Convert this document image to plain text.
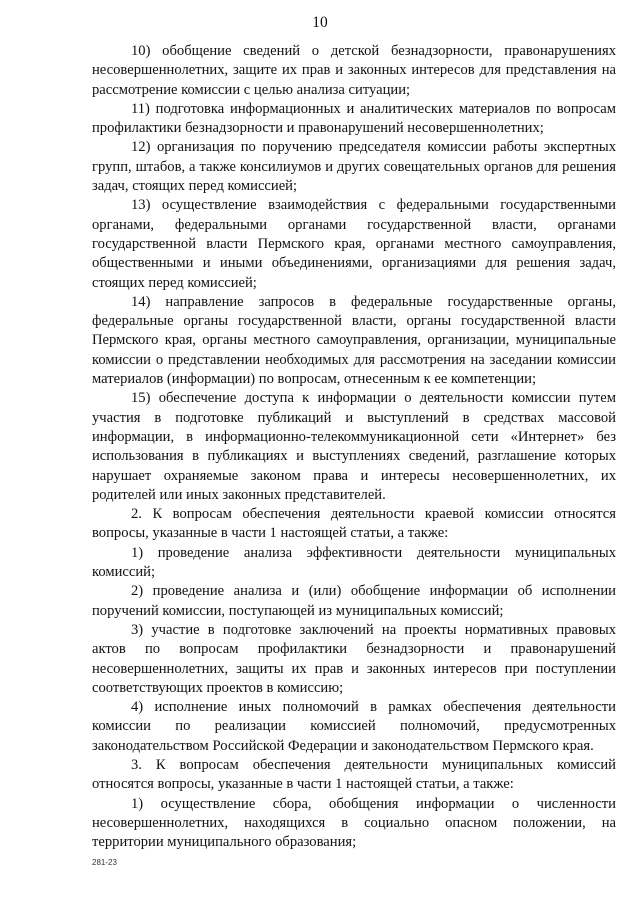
10

10) обобщение сведений о детской безнадзорности, правонарушениях несовершеннолетних, защите их прав и законных интересов для представления на рассмотрение комиссии с целью анализа ситуации;

11) подготовка информационных и аналитических материалов по вопросам профилактики безнадзорности и правонарушений несовершеннолетних;

12) организация по поручению председателя комиссии работы экспертных групп, штабов, а также консилиумов и других совещательных органов для решения задач, стоящих перед комиссией;

13) осуществление взаимодействия с федеральными государственными органами, федеральными органами государственной власти, органами государственной власти Пермского края, органами местного самоуправления, общественными и иными объединениями, организациями для решения задач, стоящих перед комиссией;

14) направление запросов в федеральные государственные органы, федеральные органы государственной власти, органы государственной власти Пермского края, органы местного самоуправления, организации, муниципальные комиссии о представлении необходимых для рассмотрения на заседании комиссии материалов (информации) по вопросам, отнесенным к ее компетенции;

15) обеспечение доступа к информации о деятельности комиссии путем участия в подготовке публикаций и выступлений в средствах массовой информации, в информационно-телекоммуникационной сети «Интернет» без использования в публикациях и выступлениях сведений, разглашение которых нарушает охраняемые законом права и интересы несовершеннолетних, их родителей или иных законных представителей.

2. К вопросам обеспечения деятельности краевой комиссии относятся вопросы, указанные в части 1 настоящей статьи, а также:

1) проведение анализа эффективности деятельности муниципальных комиссий;

2) проведение анализа и (или) обобщение информации об исполнении поручений комиссии, поступающей из муниципальных комиссий;

3) участие в подготовке заключений на проекты нормативных правовых актов по вопросам профилактики безнадзорности и правонарушений несовершеннолетних, защиты их прав и законных интересов при поступлении соответствующих проектов в комиссию;

4) исполнение иных полномочий в рамках обеспечения деятельности комиссии по реализации комиссией полномочий, предусмотренных законодательством Российской Федерации и законодательством Пермского края.

3. К вопросам обеспечения деятельности муниципальных комиссий относятся вопросы, указанные в части 1 настоящей статьи, а также:

1) осуществление сбора, обобщения информации о численности несовершеннолетних, находящихся в социально опасном положении, на территории муниципального образования;

281-23
